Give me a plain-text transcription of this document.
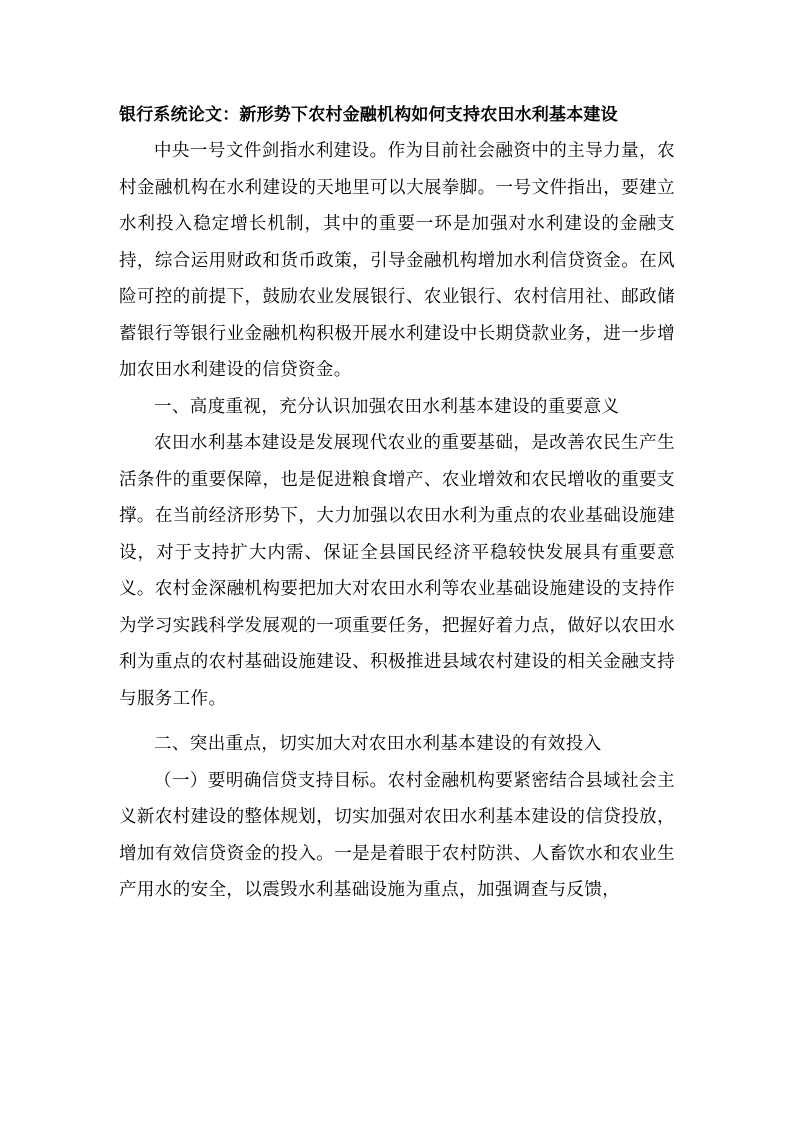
银行系统论文：新形势下农村金融机构如何支持农田水利基本建设

中央一号文件剑指水利建设。作为目前社会融资中的主导力量，农村金融机构在水利建设的天地里可以大展拳脚。一号文件指出，要建立水利投入稳定增长机制，其中的重要一环是加强对水利建设的金融支持，综合运用财政和货币政策，引导金融机构增加水利信贷资金。在风险可控的前提下，鼓励农业发展银行、农业银行、农村信用社、邮政储蓄银行等银行业金融机构积极开展水利建设中长期贷款业务，进一步增加农田水利建设的信贷资金。

一、高度重视，充分认识加强农田水利基本建设的重要意义

农田水利基本建设是发展现代农业的重要基础，是改善农民生产生活条件的重要保障，也是促进粮食增产、农业增效和农民增收的重要支撑。在当前经济形势下，大力加强以农田水利为重点的农业基础设施建设，对于支持扩大内需、保证全县国民经济平稳较快发展具有重要意义。农村金深融机构要把加大对农田水利等农业基础设施建设的支持作为学习实践科学发展观的一项重要任务，把握好着力点，做好以农田水利为重点的农村基础设施建设、积极推进县域农村建设的相关金融支持与服务工作。

二、突出重点，切实加大对农田水利基本建设的有效投入

（一）要明确信贷支持目标。农村金融机构要紧密结合县域社会主义新农村建设的整体规划，切实加强对农田水利基本建设的信贷投放，增加有效信贷资金的投入。一是是着眼于农村防洪、人畜饮水和农业生产用水的安全，以震毁水利基础设施为重点，加强调查与反馈，
